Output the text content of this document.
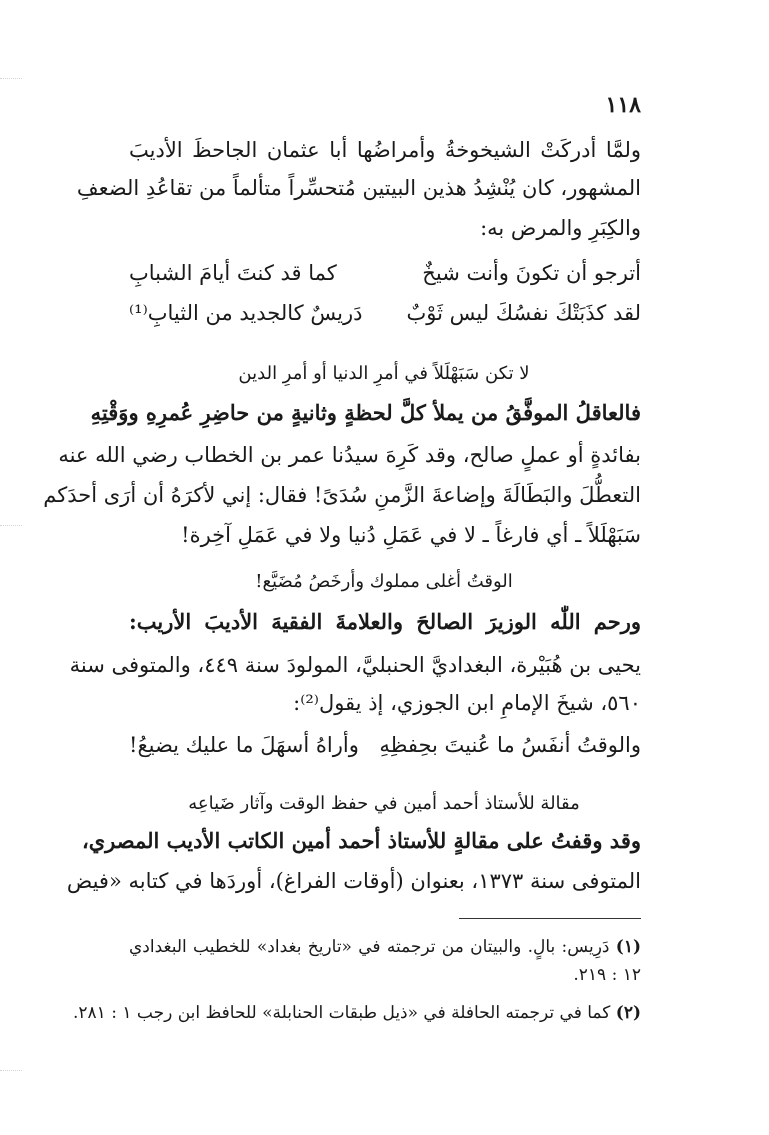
١١٨
ولمَّا أدركَتْ الشيخوخةُ وأمراضُها أبا عثمان الجاحظَ الأديبَ
المشهور، كان يُنْشِدُ هذين البيتين مُتحسِّراً متألماً من تقاعُدِ الضعفِ
والكِبَرِ والمرض به:
أترجو أن تكونَ وأنت شيخٌ
كما قد كنتَ أيامَ الشبابِ
لقد كذَبَتْكَ نفسُكَ ليس ثَوْبٌ
دَريسٌ كالجديد من الثيابِ⁽¹⁾
لا تكن سَبَهْلَلاً في أمرِ الدنيا أو أمرِ الدين
فالعاقلُ الموفَّقُ من يملأ كلَّ لحظةٍ وثانيةٍ من حاضِرِ عُمرِهِ ووَقْتِهِ
بفائدةٍ أو عملٍ صالح، وقد كَرِهَ سيدُنا عمر بن الخطاب رضي الله عنه
التعطُّلَ والبَطَالَةَ وإضاعةَ الزَّمنِ سُدَىً! فقال: إني لأكرَهُ أن أرَى أحدَكم
سَبَهْلَلاً ـ أي فارغاً ـ لا في عَمَلِ دُنيا ولا في عَمَلِ آخِرة!
الوقتُ أغلى مملوك وأرخَصُ مُضَيَّع!
ورحم اللّٰه الوزيرَ الصالحَ والعلامةَ الفقيهَ الأديبَ الأريب:
يحيى بن هُبَيْرة، البغداديَّ الحنبليَّ، المولودَ سنة ٤٤٩، والمتوفى سنة
٥٦٠، شيخَ الإمامِ ابن الجوزي، إذ يقول⁽²⁾:
والوقتُ أنفَسُ ما عُنيتَ بحِفظِهِ
وأراهُ أسهَلَ ما عليك يضيعُ!
مقالة للأستاذ أحمد أمين في حفظ الوقت وآثار ضَياعِه
وقد وقفتُ على مقالةٍ للأستاذ أحمد أمين الكاتب الأديب المصري،
المتوفى سنة ١٣٧٣، بعنوان (أوقات الفراغ)، أوردَها في كتابه «فيض
(١) دَرِيس: بالٍ. والبيتان من ترجمته في «تاريخ بغداد» للخطيب البغدادي
١٢ : ٢١٩.
(٢) كما في ترجمته الحافلة في «ذيل طبقات الحنابلة» للحافظ ابن رجب ١ : ٢٨١.
